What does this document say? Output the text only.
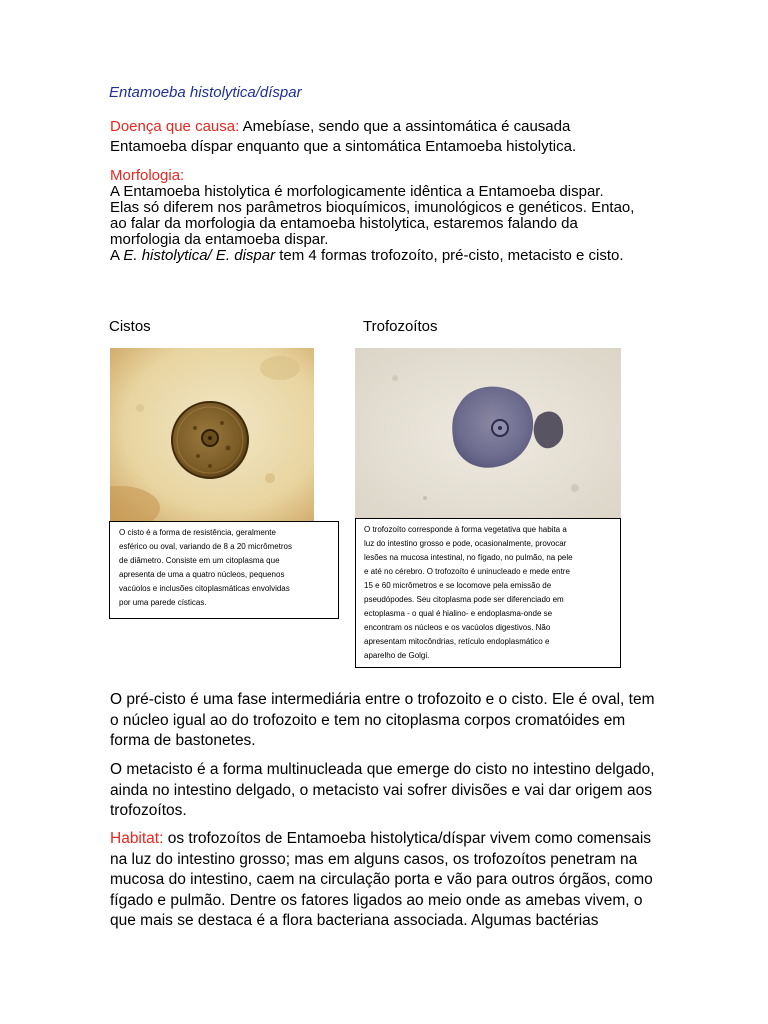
Entamoeba histolytica/díspar
Doença que causa: Amebíase, sendo que a assintomática é causada
Entamoeba díspar enquanto que a sintomática Entamoeba histolytica.
Morfologia:
A Entamoeba histolytica é morfologicamente idêntica a Entamoeba dispar.
Elas só diferem nos parâmetros bioquímicos, imunológicos e genéticos. Entao,
ao falar da morfologia da entamoeba histolytica, estaremos falando da
morfologia da entamoeba dispar.
A E. histolytica/ E. dispar tem 4 formas trofozoíto, pré-cisto, metacisto e cisto.
Cistos	Trofozoítos
O cisto é a forma de resistência, geralmente
esférico ou oval, variando de 8 a 20 micrômetros
de diâmetro. Consiste em um citoplasma que
apresenta de uma a quatro núcleos, pequenos
vacúolos e inclusões citoplasmáticas envolvidas
por uma parede císticas.
O trofozoíto corresponde à forma vegetativa que habita a
luz do intestino grosso e pode, ocasionalmente, provocar
lesões na mucosa intestinal, no fígado, no pulmão, na pele
e até no cérebro. O trofozoíto é uninucleado e mede entre
15 e 60 micrômetros e se locomove pela emissão de
pseudópodes. Seu citoplasma pode ser diferenciado em
ectoplasma - o qual é hialino- e endoplasma-onde se
encontram os núcleos e os vacúolos digestivos. Não
apresentam mitocôndrias, retículo endoplasmático e
aparelho de Golgi.
O pré-cisto é uma fase intermediária entre o trofozoito e o cisto. Ele é oval, tem
o núcleo igual ao do trofozoito e tem no citoplasma corpos cromatóides em
forma de bastonetes.
O metacisto é a forma multinucleada que emerge do cisto no intestino delgado,
ainda no intestino delgado, o metacisto vai sofrer divisões e vai dar origem aos
trofozoítos.
Habitat: os trofozoítos de Entamoeba histolytica/díspar vivem como comensais
na luz do intestino grosso; mas em alguns casos, os trofozoítos penetram na
mucosa do intestino, caem na circulação porta e vão para outros órgãos, como
fígado e pulmão. Dentre os fatores ligados ao meio onde as amebas vivem, o
que mais se destaca é a flora bacteriana associada. Algumas bactérias
